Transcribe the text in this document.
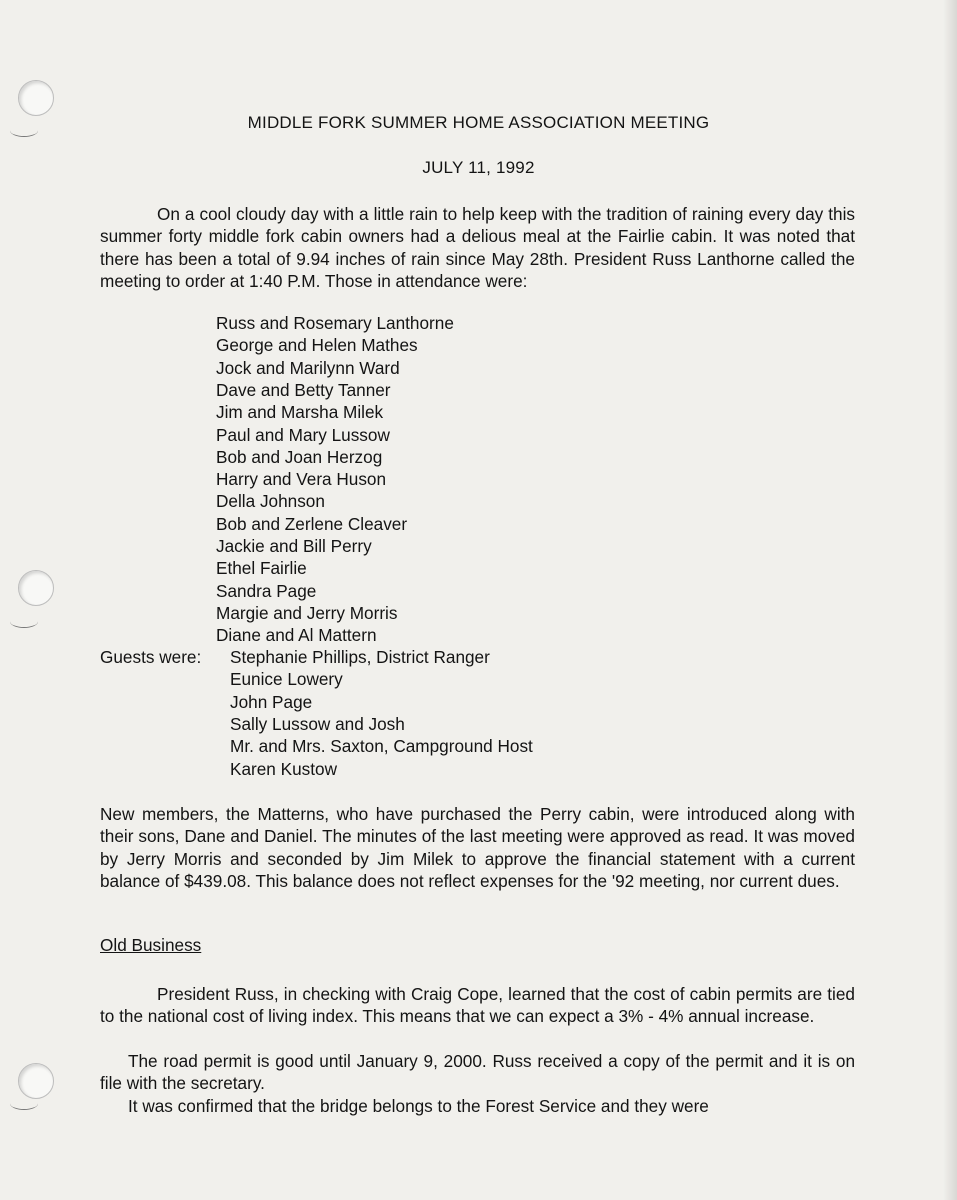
MIDDLE FORK SUMMER HOME ASSOCIATION MEETING
JULY 11, 1992

On a cool cloudy day with a little rain to help keep with the tradition of raining every day this summer forty middle fork cabin owners had a delious meal at the Fairlie cabin. It was noted that there has been a total of 9.94 inches of rain since May 28th. President Russ Lanthorne called the meeting to order at 1:40 P.M. Those in attendance were:

Russ and Rosemary Lanthorne
George and Helen Mathes
Jock and Marilynn Ward
Dave and Betty Tanner
Jim and Marsha Milek
Paul and Mary Lussow
Bob and Joan Herzog
Harry and Vera Huson
Della Johnson
Bob and Zerlene Cleaver
Jackie and Bill Perry
Ethel Fairlie
Sandra Page
Margie and Jerry Morris
Diane and Al Mattern
Guests were: Stephanie Phillips, District Ranger
Eunice Lowery
John Page
Sally Lussow and Josh
Mr. and Mrs. Saxton, Campground Host
Karen Kustow

New members, the Matterns, who have purchased the Perry cabin, were introduced along with their sons, Dane and Daniel. The minutes of the last meeting were approved as read. It was moved by Jerry Morris and seconded by Jim Milek to approve the financial statement with a current balance of $439.08. This balance does not reflect expenses for the '92 meeting, nor current dues.

Old Business

President Russ, in checking with Craig Cope, learned that the cost of cabin permits are tied to the national cost of living index. This means that we can expect a 3% - 4% annual increase.

The road permit is good until January 9, 2000. Russ received a copy of the permit and it is on file with the secretary.

It was confirmed that the bridge belongs to the Forest Service and they were
